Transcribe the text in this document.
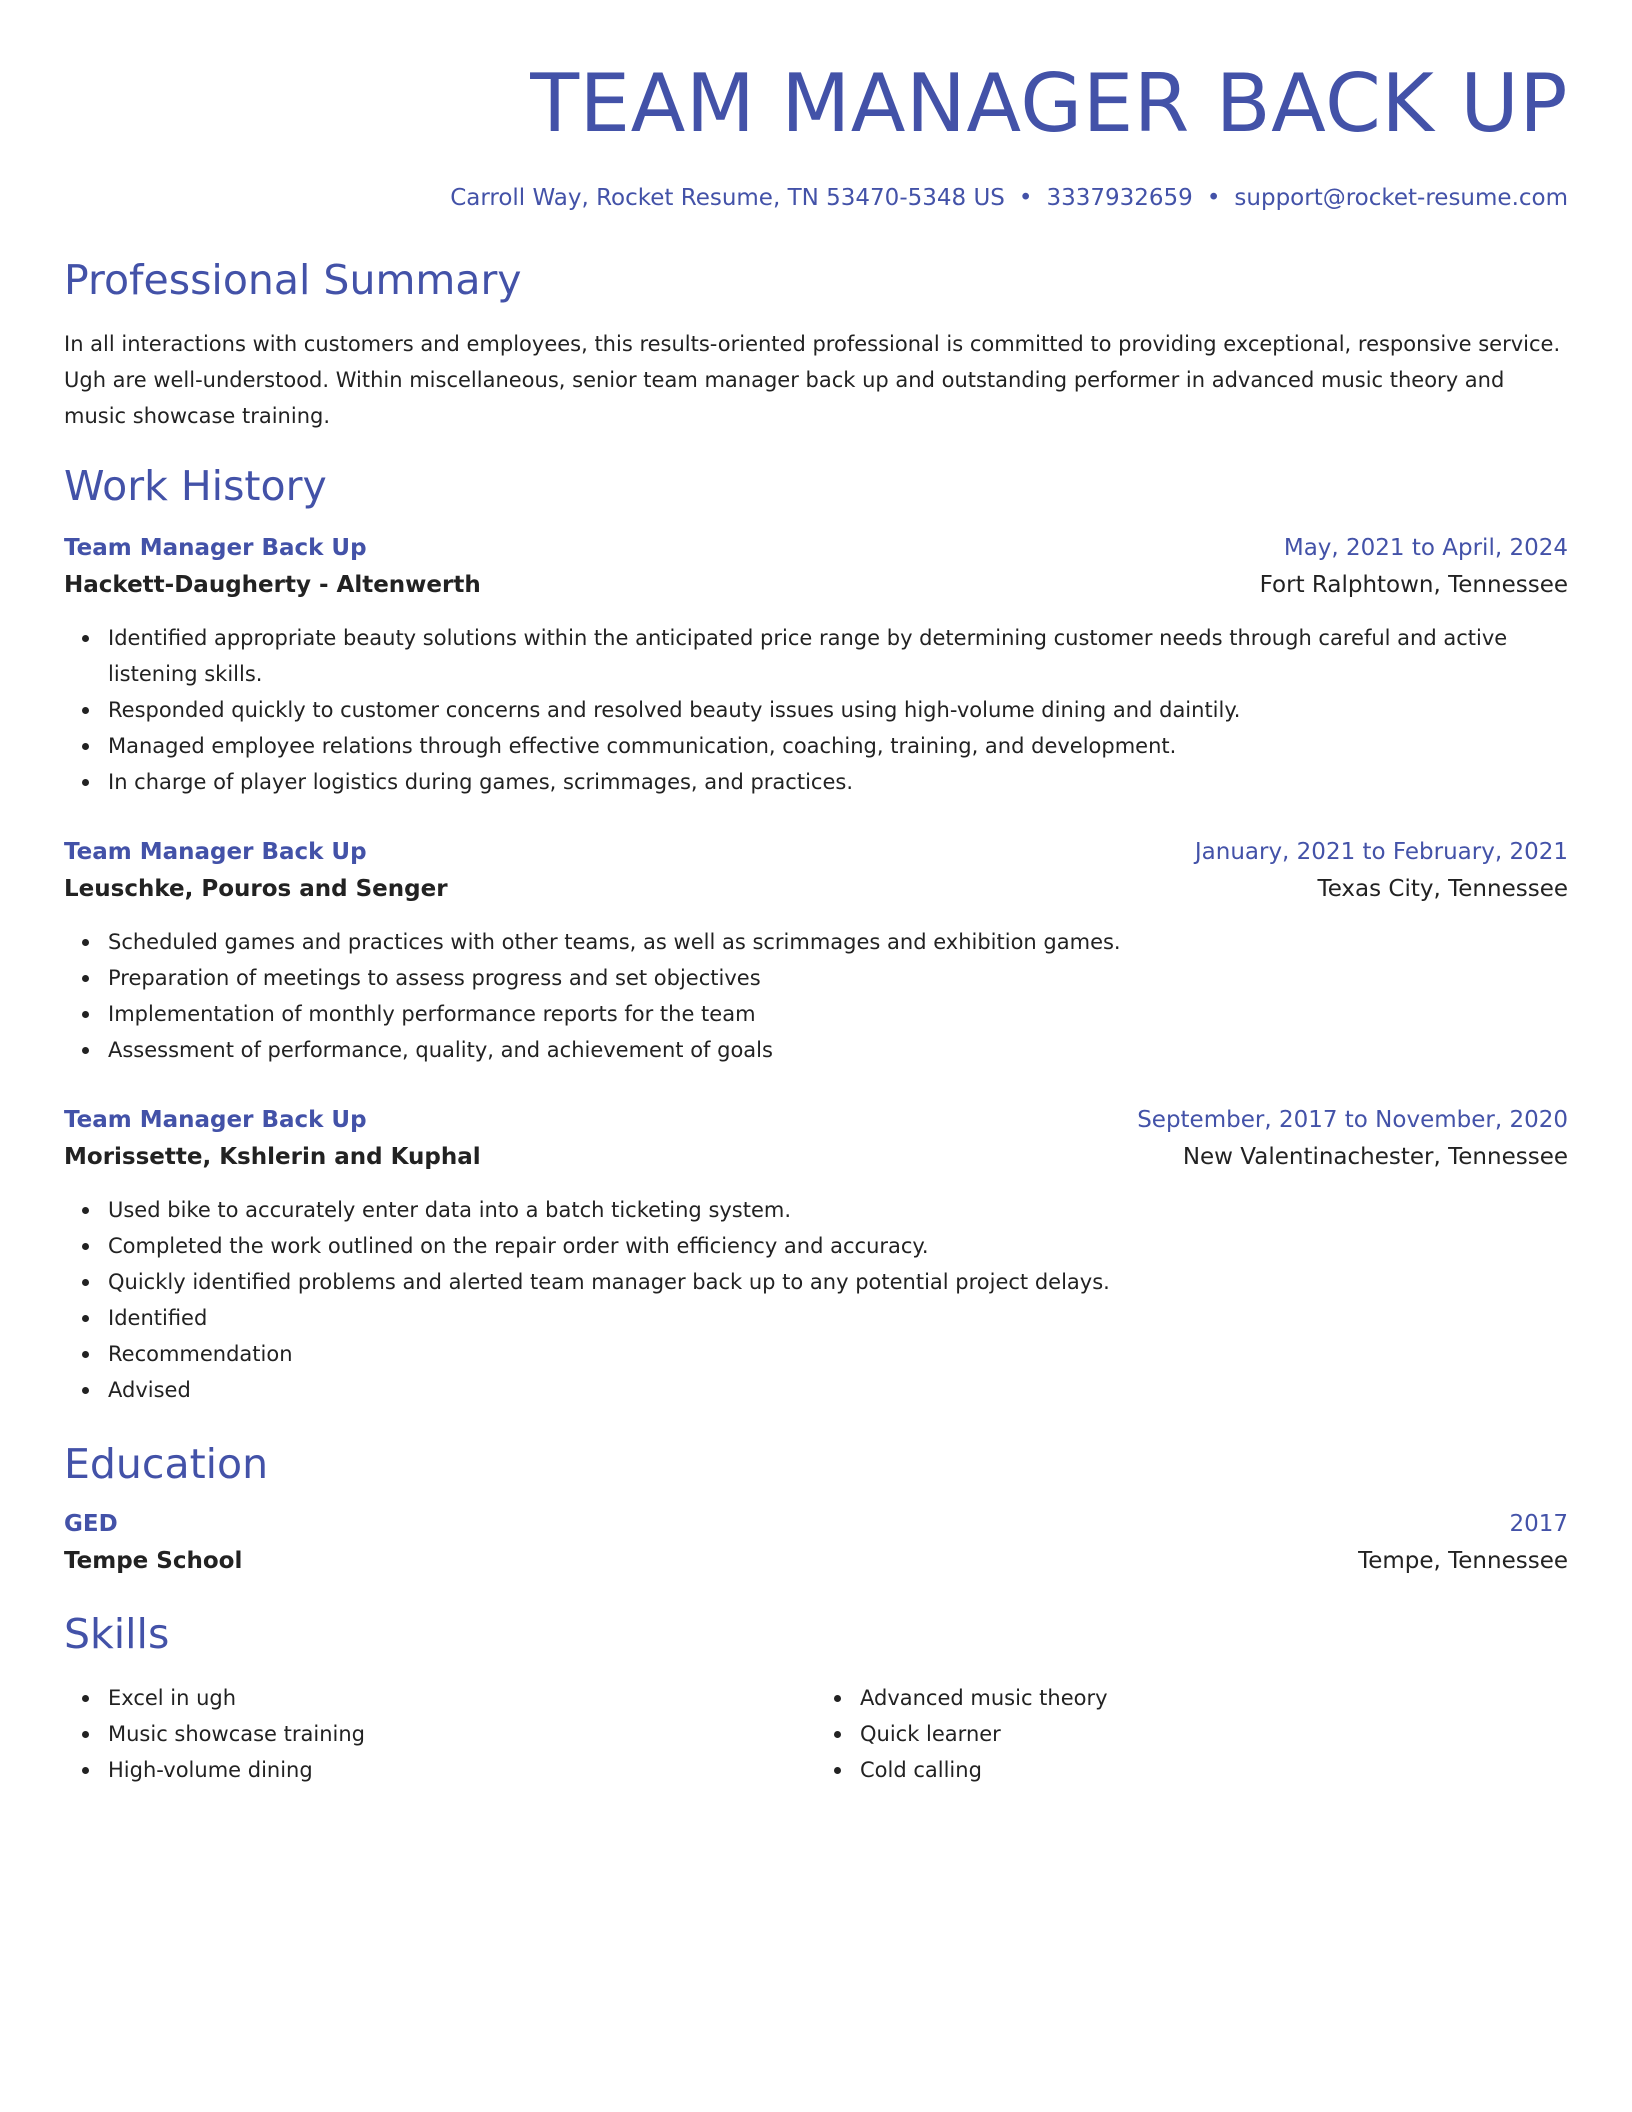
TEAM MANAGER BACK UP
Carroll Way, Rocket Resume, TN 53470-5348 US • 3337932659 • support@rocket-resume.com
Professional Summary
In all interactions with customers and employees, this results-oriented professional is committed to providing exceptional, responsive service. Ugh are well-understood. Within miscellaneous, senior team manager back up and outstanding performer in advanced music theory and music showcase training.
Work History
Team Manager Back Up	May, 2021 to April, 2024
Hackett-Daugherty - Altenwerth	Fort Ralphtown, Tennessee
Identified appropriate beauty solutions within the anticipated price range by determining customer needs through careful and active listening skills.
Responded quickly to customer concerns and resolved beauty issues using high-volume dining and daintily.
Managed employee relations through effective communication, coaching, training, and development.
In charge of player logistics during games, scrimmages, and practices.
Team Manager Back Up	January, 2021 to February, 2021
Leuschke, Pouros and Senger	Texas City, Tennessee
Scheduled games and practices with other teams, as well as scrimmages and exhibition games.
Preparation of meetings to assess progress and set objectives
Implementation of monthly performance reports for the team
Assessment of performance, quality, and achievement of goals
Team Manager Back Up	September, 2017 to November, 2020
Morissette, Kshlerin and Kuphal	New Valentinachester, Tennessee
Used bike to accurately enter data into a batch ticketing system.
Completed the work outlined on the repair order with efficiency and accuracy.
Quickly identified problems and alerted team manager back up to any potential project delays.
Identified
Recommendation
Advised
Education
GED	2017
Tempe School	Tempe, Tennessee
Skills
Excel in ugh
Music showcase training
High-volume dining
Advanced music theory
Quick learner
Cold calling
